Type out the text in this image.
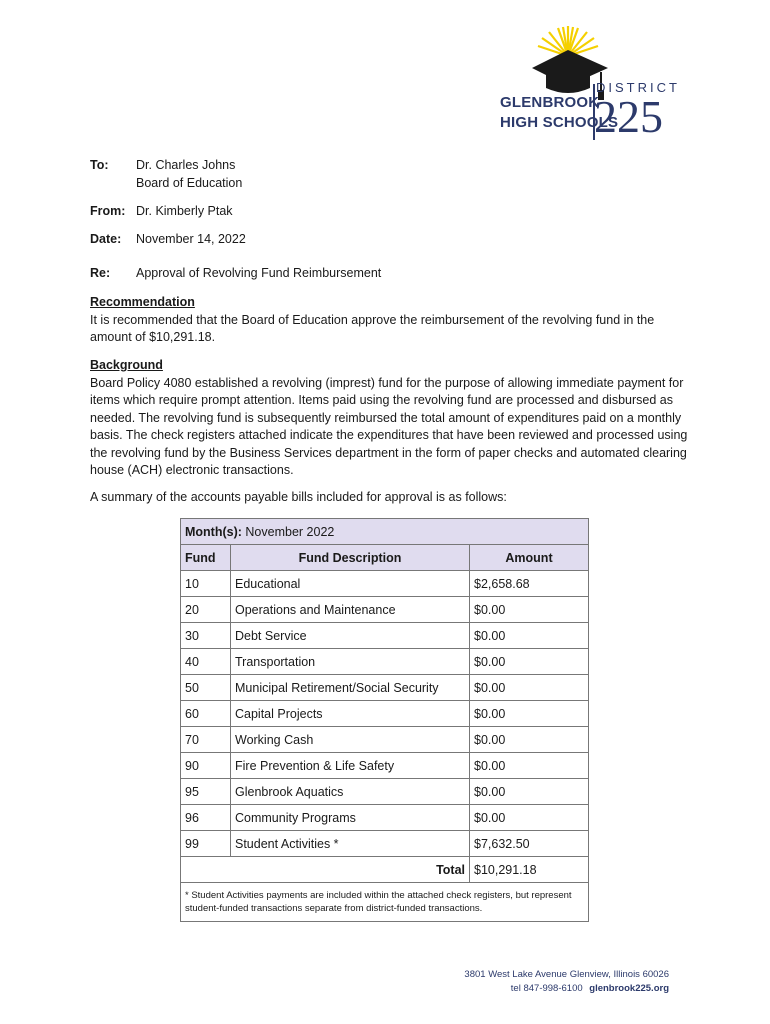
DISTRICT
GLENBROOK
HIGH SCHOOLS
225
To:	Dr. Charles Johns
Board of Education
From: Dr. Kimberly Ptak
Date:	November 14, 2022
Re:	Approval of Revolving Fund Reimbursement
Recommendation

It is recommended that the Board of Education approve the reimbursement of the revolving fund in the amount of $10,291.18.

Background

Board Policy 4080 established a revolving (imprest) fund for the purpose of allowing immediate payment for items which require prompt attention. Items paid using the revolving fund are processed and disbursed as needed. The revolving fund is subsequently reimbursed the total amount of expenditures paid on a monthly basis. The check registers attached indicate the expenditures that have been reviewed and processed using the revolving fund by the Business Services department in the form of paper checks and automated clearing house (ACH) electronic transactions.

A summary of the accounts payable bills included for approval is as follows:
Month(s): November 2022		
Fund	Fund Description	Amount
10	Educational	$2,658.68
20	Operations and Maintenance	$0.00
30	Debt Service	$0.00
40	Transportation	$0.00
50	Municipal Retirement/Social Security	$0.00
60	Capital Projects	$0.00
70	Working Cash	$0.00
90	Fire Prevention & Life Safety	$0.00
95	Glenbrook Aquatics	$0.00
96	Community Programs	$0.00
99	Student Activities *	$7,632.50
Total		$10,291.18
* Student Activities payments are included within the attached check registers, but represent student-funded transactions separate from district-funded transactions.		
3801 West Lake Avenue Glenview, Illinois 60026
tel 847-998-6100 glenbrook225.org
